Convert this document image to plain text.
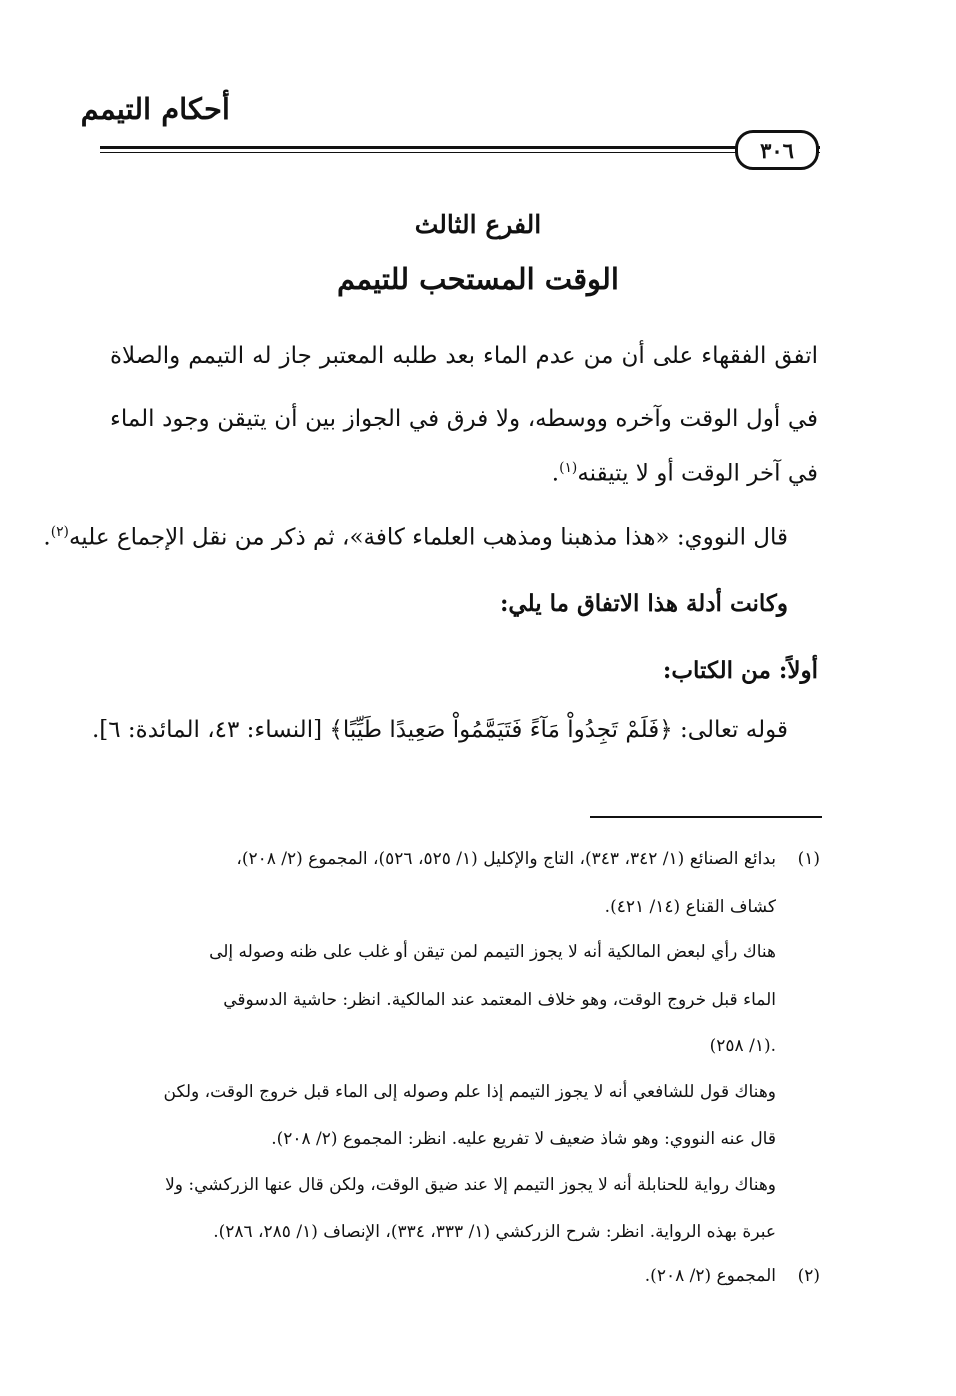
أحكام التيمم
٣٠٦
الفرع الثالث
الوقت المستحب للتيمم
اتفق الفقهاء على أن من عدم الماء بعد طلبه المعتبر جاز له التيمم والصلاة
في أول الوقت وآخره ووسطه، ولا فرق في الجواز بين أن يتيقن وجود الماء
في آخر الوقت أو لا يتيقنه$^{(١)}$.
قال النووي: «هذا مذهبنا ومذهب العلماء كافة»، ثم ذكر من نقل الإجماع عليه$^{(٢)}$.
وكانت أدلة هذا الاتفاق ما يلي:
أولاً: من الكتاب:
قوله تعالى: ﴿فَلَمْ تَجِدُواْ مَآءً فَتَيَمَّمُواْ صَعِيدًا طَيِّبًا﴾ [النساء: ٤٣، المائدة: ٦].
(١)
بدائع الصنائع (١/ ٣٤٢، ٣٤٣)، التاج والإكليل (١/ ٥٢٥، ٥٢٦)، المجموع (٢/ ٢٠٨)،
كشاف القناع (١٤/ ٤٢١).
هناك رأي لبعض المالكية أنه لا يجوز التيمم لمن تيقن أو غلب على ظنه وصوله إلى
الماء قبل خروج الوقت، وهو خلاف المعتمد عند المالكية. انظر: حاشية الدسوقي
(١/ ٢٥٨).
وهناك قول للشافعي أنه لا يجوز التيمم إذا علم وصوله إلى الماء قبل خروج الوقت، ولكن
قال عنه النووي: وهو شاذ ضعيف لا تفريع عليه. انظر: المجموع (٢/ ٢٠٨).
وهناك رواية للحنابلة أنه لا يجوز التيمم إلا عند ضيق الوقت، ولكن قال عنها الزركشي: ولا
عبرة بهذه الرواية. انظر: شرح الزركشي (١/ ٣٣٣، ٣٣٤)، الإنصاف (١/ ٢٨٥، ٢٨٦).
(٢)
المجموع (٢/ ٢٠٨).
